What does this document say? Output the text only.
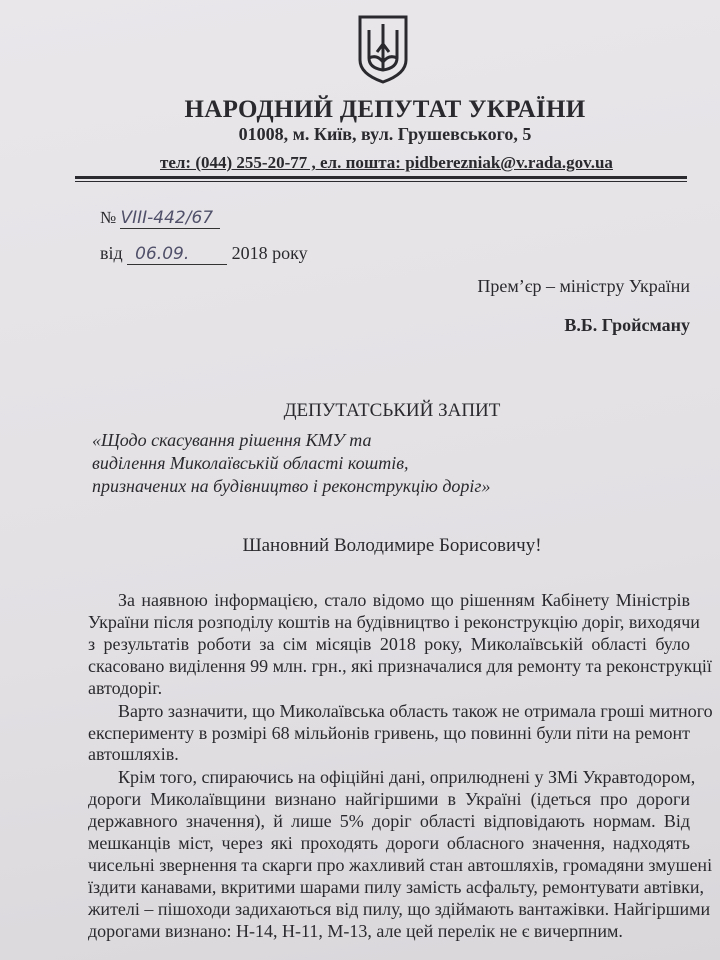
НАРОДНИЙ ДЕПУТАТ УКРАЇНИ
01008, м. Київ, вул. Грушевського, 5
тел: (044) 255-20-77 , ел. пошта: pidbereznіak@v.rada.gov.ua
№ VIII-442/67
від 06.09. 2018 року
Прем’єр – міністру України
В.Б. Гройсману
ДЕПУТАТСЬКИЙ ЗАПИТ
«Щодо скасування рішення КМУ та
виділення Миколаївській області коштів,
призначених на будівництво і реконструкцію доріг»
Шановний Володимире Борисовичу!
За наявною інформацією, стало відомо що рішенням Кабінету Міністрів
України після розподілу коштів на будівництво і реконструкцію доріг, виходячи
з результатів роботи за сім місяців 2018 року, Миколаївській області було
скасовано виділення 99 млн. грн., які призначалися для ремонту та реконструкції
автодоріг.
Варто зазначити, що Миколаївська область також не отримала гроші митного
експерименту в розмірі 68 мільйонів гривень, що повинні були піти на ремонт
автошляхів.
Крім того, спираючись на офіційні дані, оприлюднені у ЗМі Укравтодором,
дороги Миколаївщини визнано найгіршими в Україні (ідеться про дороги
державного значення), й лише 5% доріг області відповідають нормам. Від
мешканців міст, через які проходять дороги обласного значення, надходять
чисельні звернення та скарги про жахливий стан автошляхів, громадяни змушені
їздити канавами, вкритими шарами пилу замість асфальту, ремонтувати автівки,
жителі – пішоходи задихаються від пилу, що здіймають вантажівки. Найгіршими
дорогами визнано: Н-14, Н-11, М-13, але цей перелік не є вичерпним.
